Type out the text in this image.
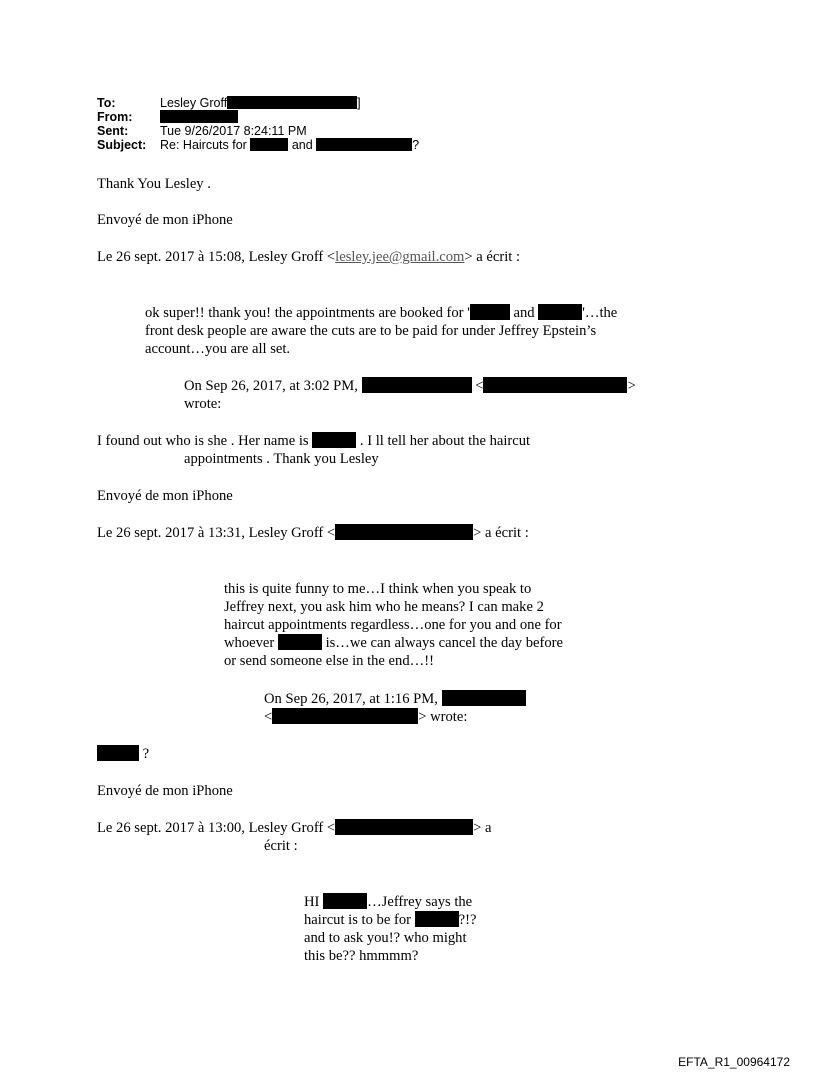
To:	Lesley Groff	]
From:
Sent:	Tue 9/26/2017 8:24:11 PM
Subject:	Re: Haircuts for

	and
	?
Thank You Lesley .
Envoyé de mon iPhone
Le 26 sept. 2017 à 15:08, Lesley Groff <lesley.jee@gmail.com> a écrit :
ok super!! thank you! the appointments are booked for '	and	'…the
front desk people are aware the cuts are to be paid for under Jeffrey Epstein’s
account…you are all set.
On Sep 26, 2017, at 3:02 PM,	<	>
wrote:
I found out who is she . Her name is	. I ll tell her about the haircut
appointments . Thank you Lesley
Envoyé de mon iPhone
Le 26 sept. 2017 à 13:31, Lesley Groff <	> a écrit :
this is quite funny to me…I think when you speak to
Jeffrey next, you ask him who he means? I can make 2
haircut appointments regardless…one for you and one for
whoever	is…we can always cancel the day before
or send someone else in the end…!!
On Sep 26, 2017, at 1:16 PM,
<	> wrote:
?
Envoyé de mon iPhone
Le 26 sept. 2017 à 13:00, Lesley Groff <	> a
écrit :
HI	…Jeffrey says the
haircut is to be for	?!?
and to ask you!? who might
this be?? hmmmm?
EFTA_R1_00964172
